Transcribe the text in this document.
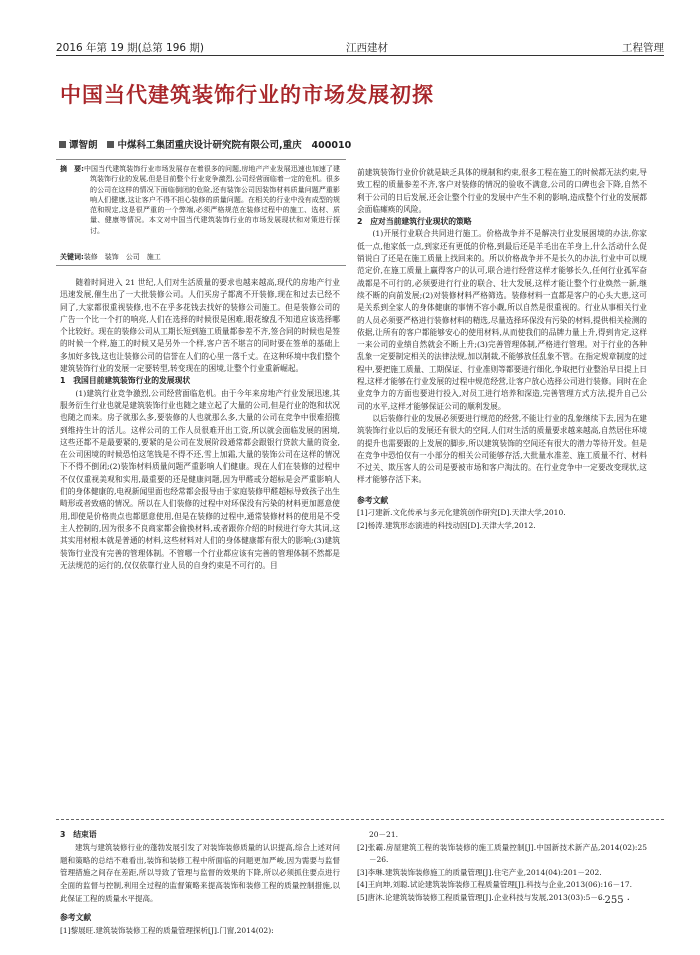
2016 年第 19 期(总第 196 期)	江西建材	工程管理
中国当代建筑装饰行业的市场发展初探
谭智朗 中煤科工集团重庆设计研究院有限公司,重庆 400010
摘　要:中国当代建筑装饰行业市场发展存在着很多的问题,房地产产业发展迅速也加速了建筑装饰行业的发展,但是目前整个行业竞争激烈,公司经营面临着一定的危机。很多的公司在这样的情况下面临倒闭的危险,还有装饰公司因装饰材料质量问题严重影响人们健康,这让客户不得不担心装修的质量问题。在相关的行业中没有成型的规范和规定,这是很严重的一个弊端,必须严格规范在装修过程中的施工、选材、质量、健康等情况。本文对中国当代建筑装饰行业的市场发展现状和对策进行探讨。
关键词:装修　装饰　公司　施工

随着时间进入 21 世纪,人们对生活质量的要求也越来越高,现代的房地产行业迅速发展,催生出了一大批装修公司。人们买房子都离不开装修,现在和过去已经不同了,大家都很重视装修,也不在乎多花钱去找好的装修公司施工。但是装修公司的广告一个比一个打的响亮,人们在选择的时候很是困难,眼花缭乱不知道应该选择哪个比较好。现在的装修公司从工期长短到施工质量都参差不齐,签合同的时候也是签的时候一个样,施工的时候又是另外一个样,客户苦不堪言的同时要在签单的基础上多加好多钱,这也让装修公司的信誉在人们的心里一落千丈。在这种环境中我们整个建筑装饰行业的发展一定要转型,转变现在的困境,让整个行业重新崛起。

1　我国目前建筑装饰行业的发展现状

(1)建筑行业竞争激烈,公司经营面临危机。由于今年来房地产行业发展迅速,其服务衍生行业也就是建筑装饰行业也随之建立起了大量的公司,但是行业的饱和状况也随之而来。房子就那么多,要装修的人也就那么多,大量的公司在竞争中很难招揽到维持生计的活儿。这样公司的工作人员很难开出工资,所以就会面临发展的困境,这些还都不是最要紧的,要紧的是公司在发展阶段通常都会跟银行贷款大量的资金,在公司困境的时候恐怕这笔钱是不得不还,雪上加霜,大量的装饰公司在这样的情况下不得不倒闭;(2)装饰材料质量问题严重影响人们健康。现在人们在装修的过程中不仅仅重视美观和实用,最重要的还是健康问题,因为甲醛或分超标是会严重影响人们的身体健康的,电视新闻里面也经常都会报导由于家庭装修甲醛超标导致孩子出生畸形或者致癌的情况。所以在人们装修的过程中对环保没有污染的材料更加愿意使用,即使是价格贵点也都愿意使用,但是在装修的过程中,通常装修材料的使用是不受主人控制的,因为很多不良商家都会偷换材料,或者跟你介绍的时候进行夸大其词,这其实用材根本就是普通的材料,这些材料对人们的身体健康都有很大的影响;(3)建筑装饰行业没有完善的管理体制。不管哪一个行业都应该有完善的管理体制不然都是无法规范的运行的,仅仅依靠行业人员的自身约束是不可行的。目

前建筑装饰行业价价就是缺乏具体的规制和约束,很多工程在施工的时候都无法约束,导致工程的质量参差不齐,客户对装修的情况的验收不满意,公司的口碑也会下降,自然不利于公司的日后发展,还会让整个行业的发展中产生不利的影响,造成整个行业的发展都会面临瘫痪的风险。

2　应对当前建筑行业现状的策略

(1)开展行业联合共同进行施工。价格战争并不是解决行业发展困境的办法,你家低一点,他家低一点,到家还有更低的价格,到最后还是羊毛出在羊身上,什么活动什么促销说白了还是在施工质量上找回来的。所以价格战争并不是长久的办法,行业中可以规范定价,在施工质量上赢得客户的认可,联合进行经营这样才能够长久,任何行业孤军奋战都是不可行的,必须要进行行业的联合、壮大发展,这样才能让整个行业焕然一新,继续不断的向前发展;(2)对装修材料严格筛选。装修材料一直都是客户的心头大患,这可是关系到全家人的身体健康的事情不容小觑,所以自然是很重视的。行业从事相关行业的人员必须要严格进行装修材料的精选,尽量选择环保没有污染的材料,提供相关检测的依据,让所有的客户都能够安心的使用材料,从而使我们的品牌力量上升,得到肯定,这样一来公司的业绩自然就会不断上升;(3)完善管理体制,严格进行管理。对于行业的各种乱象一定要制定相关的法律法规,加以制裁,不能够放任乱象不管。在指定规章制度的过程中,要把施工质量、工期保证、行业准则等都要进行细化,争取把行业整治早日提上日程,这样才能够在行业发展的过程中规范经营,让客户放心选择公司进行装修。同时在企业竞争力的方面也要进行投入,对员工进行培养和深造,完善管理方式方法,提升自己公司的水平,这样才能够保证公司的顺利发展。

以后装修行业的发展必须要进行规范的经营,不能让行业的乱象继续下去,因为在建筑装饰行业以后的发展还有很大的空间,人们对生活的质量要求越来越高,自然居住环境的提升也需要跟的上发展的脚步,所以建筑装饰的空间还有很大的潜力等待开发。但是在竞争中恐怕仅有一小部分的相关公司能够存活,大批量水准差、施工质量不行、材料不过关、欺压客人的公司是要被市场和客户淘汰的。在行业竞争中一定要改变现状,这样才能够存活下来。

参考文献
[1]刁建新.文化传承与多元化建筑创作研究[D].天津大学,2010.
[2]杨涛.建筑形态演进的科技动因[D].天津大学,2012.
3　结束语

建筑与建筑装修行业的蓬勃发展引发了对装饰装修质量的认识提高,综合上述对问题和策略的总结不难看出,装饰和装修工程中所面临的问题更加严峻,因为需要与监督管理措施之间存在差距,所以导致了管理与监督的效果的下降,所以必须抓住要点进行全面的监督与控制,利用全过程的监督策略来提高装饰和装修工程的质量控制措施,以此保证工程的质量水平提高。

参考文献
[1]黎展旺.建筑装饰装修工程的质量管理探析[J].门窗,2014(02):
20－21.
[2]张霸.房屋建筑工程的装饰装修的施工质量控制[J].中国新技术新产品,2014(02):25－26.
[3]李琳.建筑装饰装修施工的质量管理[J].住宅产业,2014(04):201－202.
[4]王向坤,刘聪.试论建筑装饰装修工程质量管理[J].科技与企业,2013(06):16－17.
[5]唐沐.论建筑装饰装修工程质量管理[J].企业科技与发展,2013(03):5－6.
· 255 ·
